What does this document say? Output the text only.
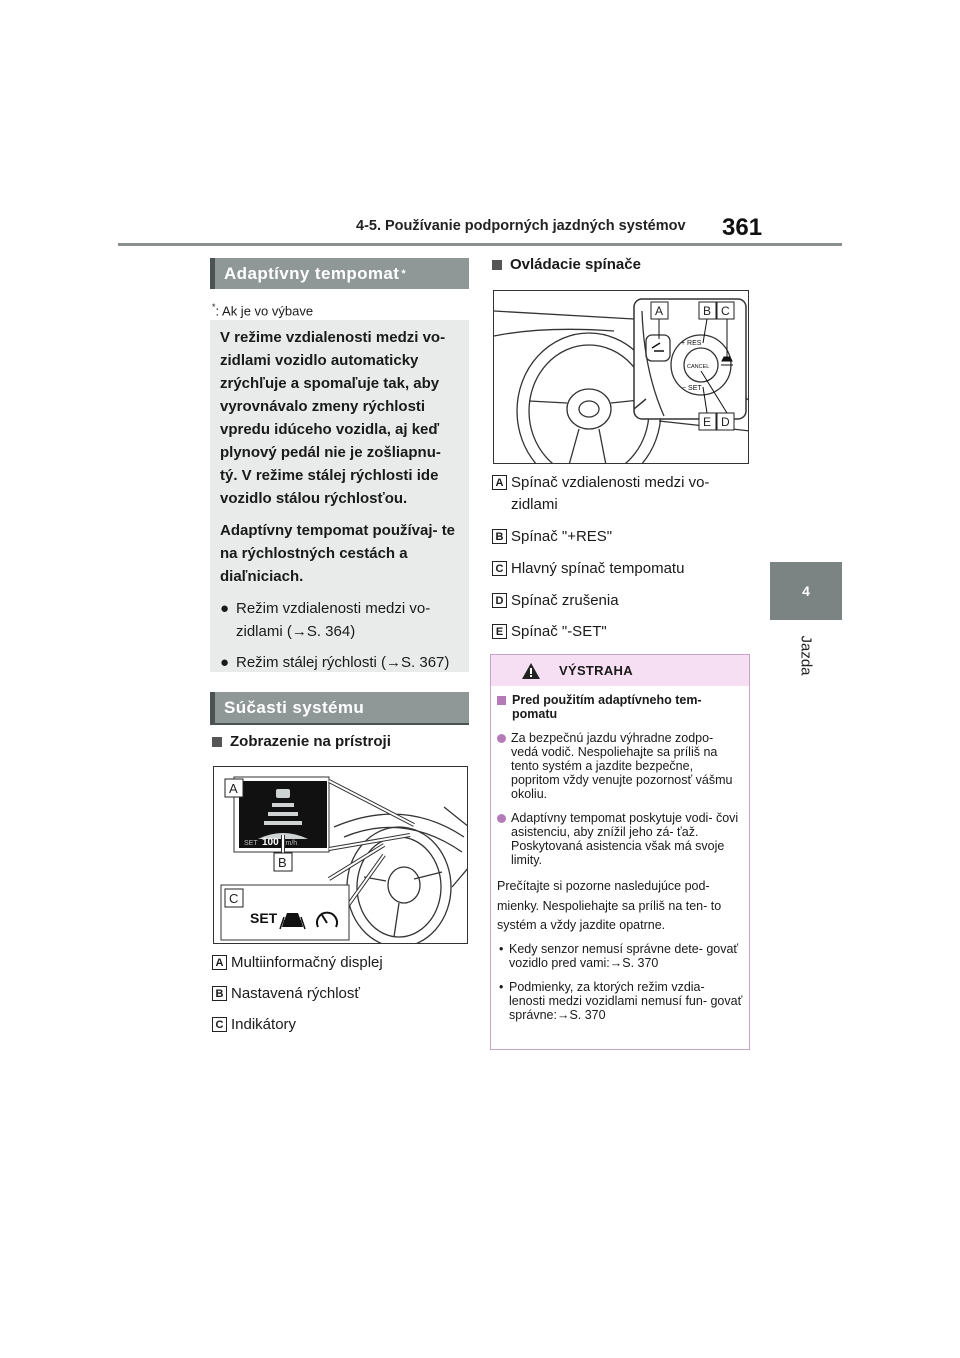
4-5. Používanie podporných jazdných systémov 361
4
Jazda
Adaptívny tempomat *
*: Ak je vo výbave

V režime vzdialenosti medzi vo- zidlami vozidlo automaticky zrýchľuje a spomaľuje tak, aby vyrovnávalo zmeny rýchlosti vpredu idúceho vozidla, aj keď plynový pedál nie je zošliapnu- tý. V režime stálej rýchlosti ide vozidlo stálou rýchlosťou.

Adaptívny tempomat používaj- te na rýchlostných cestách a diaľniciach.

● Režim vzdialenosti medzi vo- zidlami (→S. 364)
● Režim stálej rýchlosti (→S. 367)
Súčasti systému
Zobrazenie na prístroji
SET 100 km/h
A
B
C
SET
A Multiinformačný displej
B Nastavená rýchlosť
C Indikátory
Ovládacie spínače
+ RES
− SET
CANCEL
A	B C
E D
A Spínač vzdialenosti medzi vo- zidlami
B Spínač "+RES"
C Hlavný spínač tempomatu
D Spínač zrušenia
E Spínač "-SET"
VÝSTRAHA
Pred použitím adaptívneho tem- pomatu
Za bezpečnú jazdu výhradne zodpo- vedá vodič. Nespoliehajte sa príliš na tento systém a jazdite bezpečne, popritom vždy venujte pozornosť vášmu okoliu.
Adaptívny tempomat poskytuje vodi- čovi asistenciu, aby znížil jeho zá- ťaž. Poskytovaná asistencia však má svoje limity.
Prečítajte si pozorne nasledujúce pod- mienky. Nespoliehajte sa príliš na ten- to systém a vždy jazdite opatrne.
• Kedy senzor nemusí správne dete- govať vozidlo pred vami:→S. 370
• Podmienky, za ktorých režim vzdia- lenosti medzi vozidlami nemusí fun- govať správne:→S. 370
